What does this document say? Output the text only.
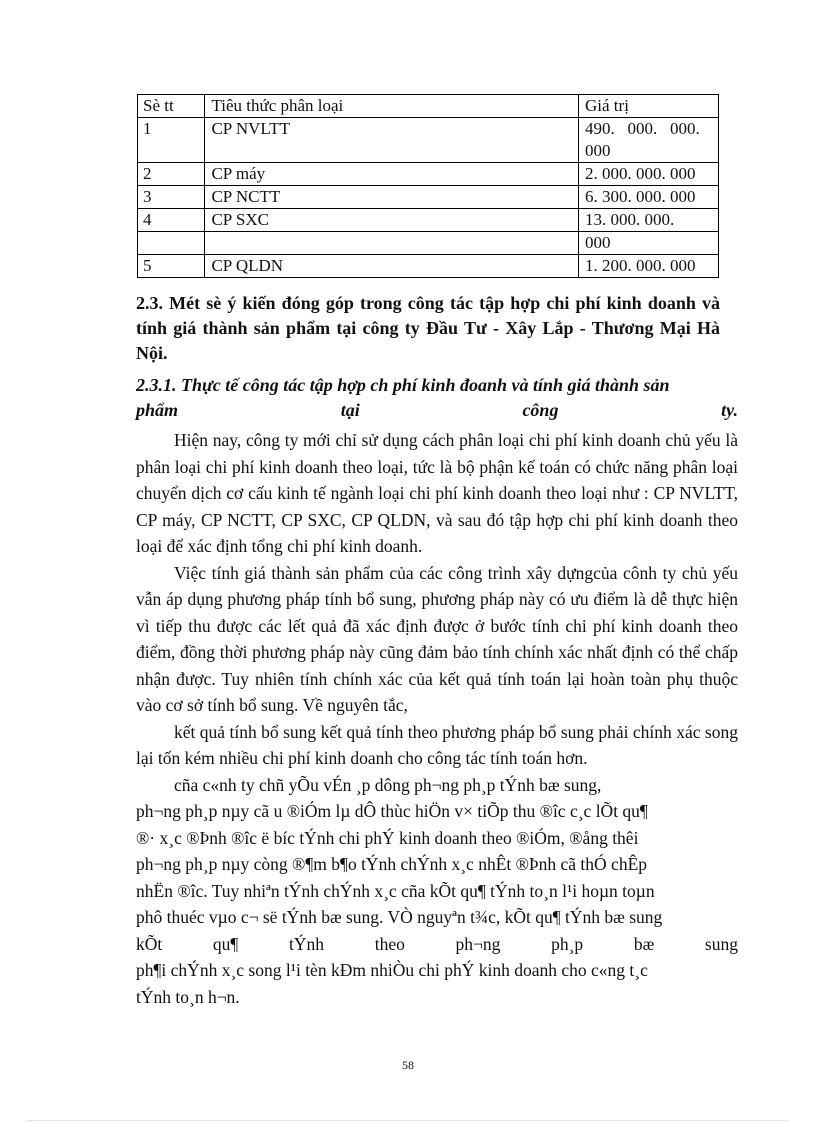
Sè tt	Tiêu thức phân loại	Giá trị
1	CP NVLTT	490.   000.   000.
000
2	CP máy	2. 000. 000. 000
3	CP NCTT	6. 300. 000. 000
4	CP SXC	13. 000. 000.
		000
5	CP QLDN	1. 200. 000. 000

2.3. Mét sè ý kiến đóng góp trong công tác tập hợp chi phí kinh doanh và tính giá thành sản phẩm tại công ty Đầu Tư - Xây Lắp - Thương Mại Hà Nội.

2.3.1. Thực tế công tác tập hợp ch phí kinh đoanh và tính giá thành sản
phẩm	tại	công	ty.

Hiện nay, công ty mới chỉ sử dụng cách phân loại chi phí kinh doanh chủ yếu là phân loại chi phí kinh doanh theo loại, tức là bộ phận kế toán có chức năng phân loại chuyển dịch cơ cấu kinh tế ngành loại chi phí kinh doanh theo loại như : CP NVLTT, CP máy, CP NCTT, CP SXC, CP QLDN, và sau đó tập hợp chi phí kinh doanh theo loại để xác định tổng chi phí kinh doanh.

Việc tính giá thành sản phẩm của các công trình xây dựngcủa cônh ty chủ yếu vẫn áp dụng phương pháp tính bổ sung, phương pháp này có ưu điểm là dễ thực hiện vì tiếp thu được các lết quả đã xác định được ở bước tính chi phí kinh doanh theo điểm, đồng thời phương pháp này cũng đảm bảo tính chính xác nhất định có thể chấp nhận được. Tuy nhiên tính chính xác của kết quả tính toán lại hoàn toàn phụ thuộc vào cơ sở tính bổ sung. Về nguyên tắc,

kết quả tính bổ sung kết quả tính theo phương pháp bổ sung phải chính xác song lại tốn kém nhiều chi phí kinh doanh cho công tác tính toán hơn.

cña c«nh ty chñ yÕu vÉn ¸p dông ph¬ng ph¸p tÝnh bæ sung,

ph¬ng ph¸p nµy cã u ®iÓm lµ dÔ thùc hiÖn v× tiÕp thu ®îc c¸c lÕt qu¶

®· x¸c ®Þnh ®îc ë bíc tÝnh chi phÝ kinh doanh theo ®iÓm, ®ång thêi

ph¬ng ph¸p nµy còng ®¶m b¶o tÝnh chÝnh x¸c nhÊt ®Þnh cã thÓ chÊp

nhËn ®îc. Tuy nhiªn tÝnh chÝnh x¸c cña kÕt qu¶ tÝnh to¸n l¹i hoµn toµn

phô thuéc vµo c¬ së tÝnh bæ sung. VÒ nguyªn t¾c, kÕt qu¶ tÝnh bæ sung

kÕt	qu¶	tÝnh	theo	ph¬ng	ph¸p	bæ	sung

ph¶i chÝnh x¸c song l¹i tèn kÐm nhiÒu chi phÝ kinh doanh cho c«ng t¸c

tÝnh to¸n h¬n.

58
